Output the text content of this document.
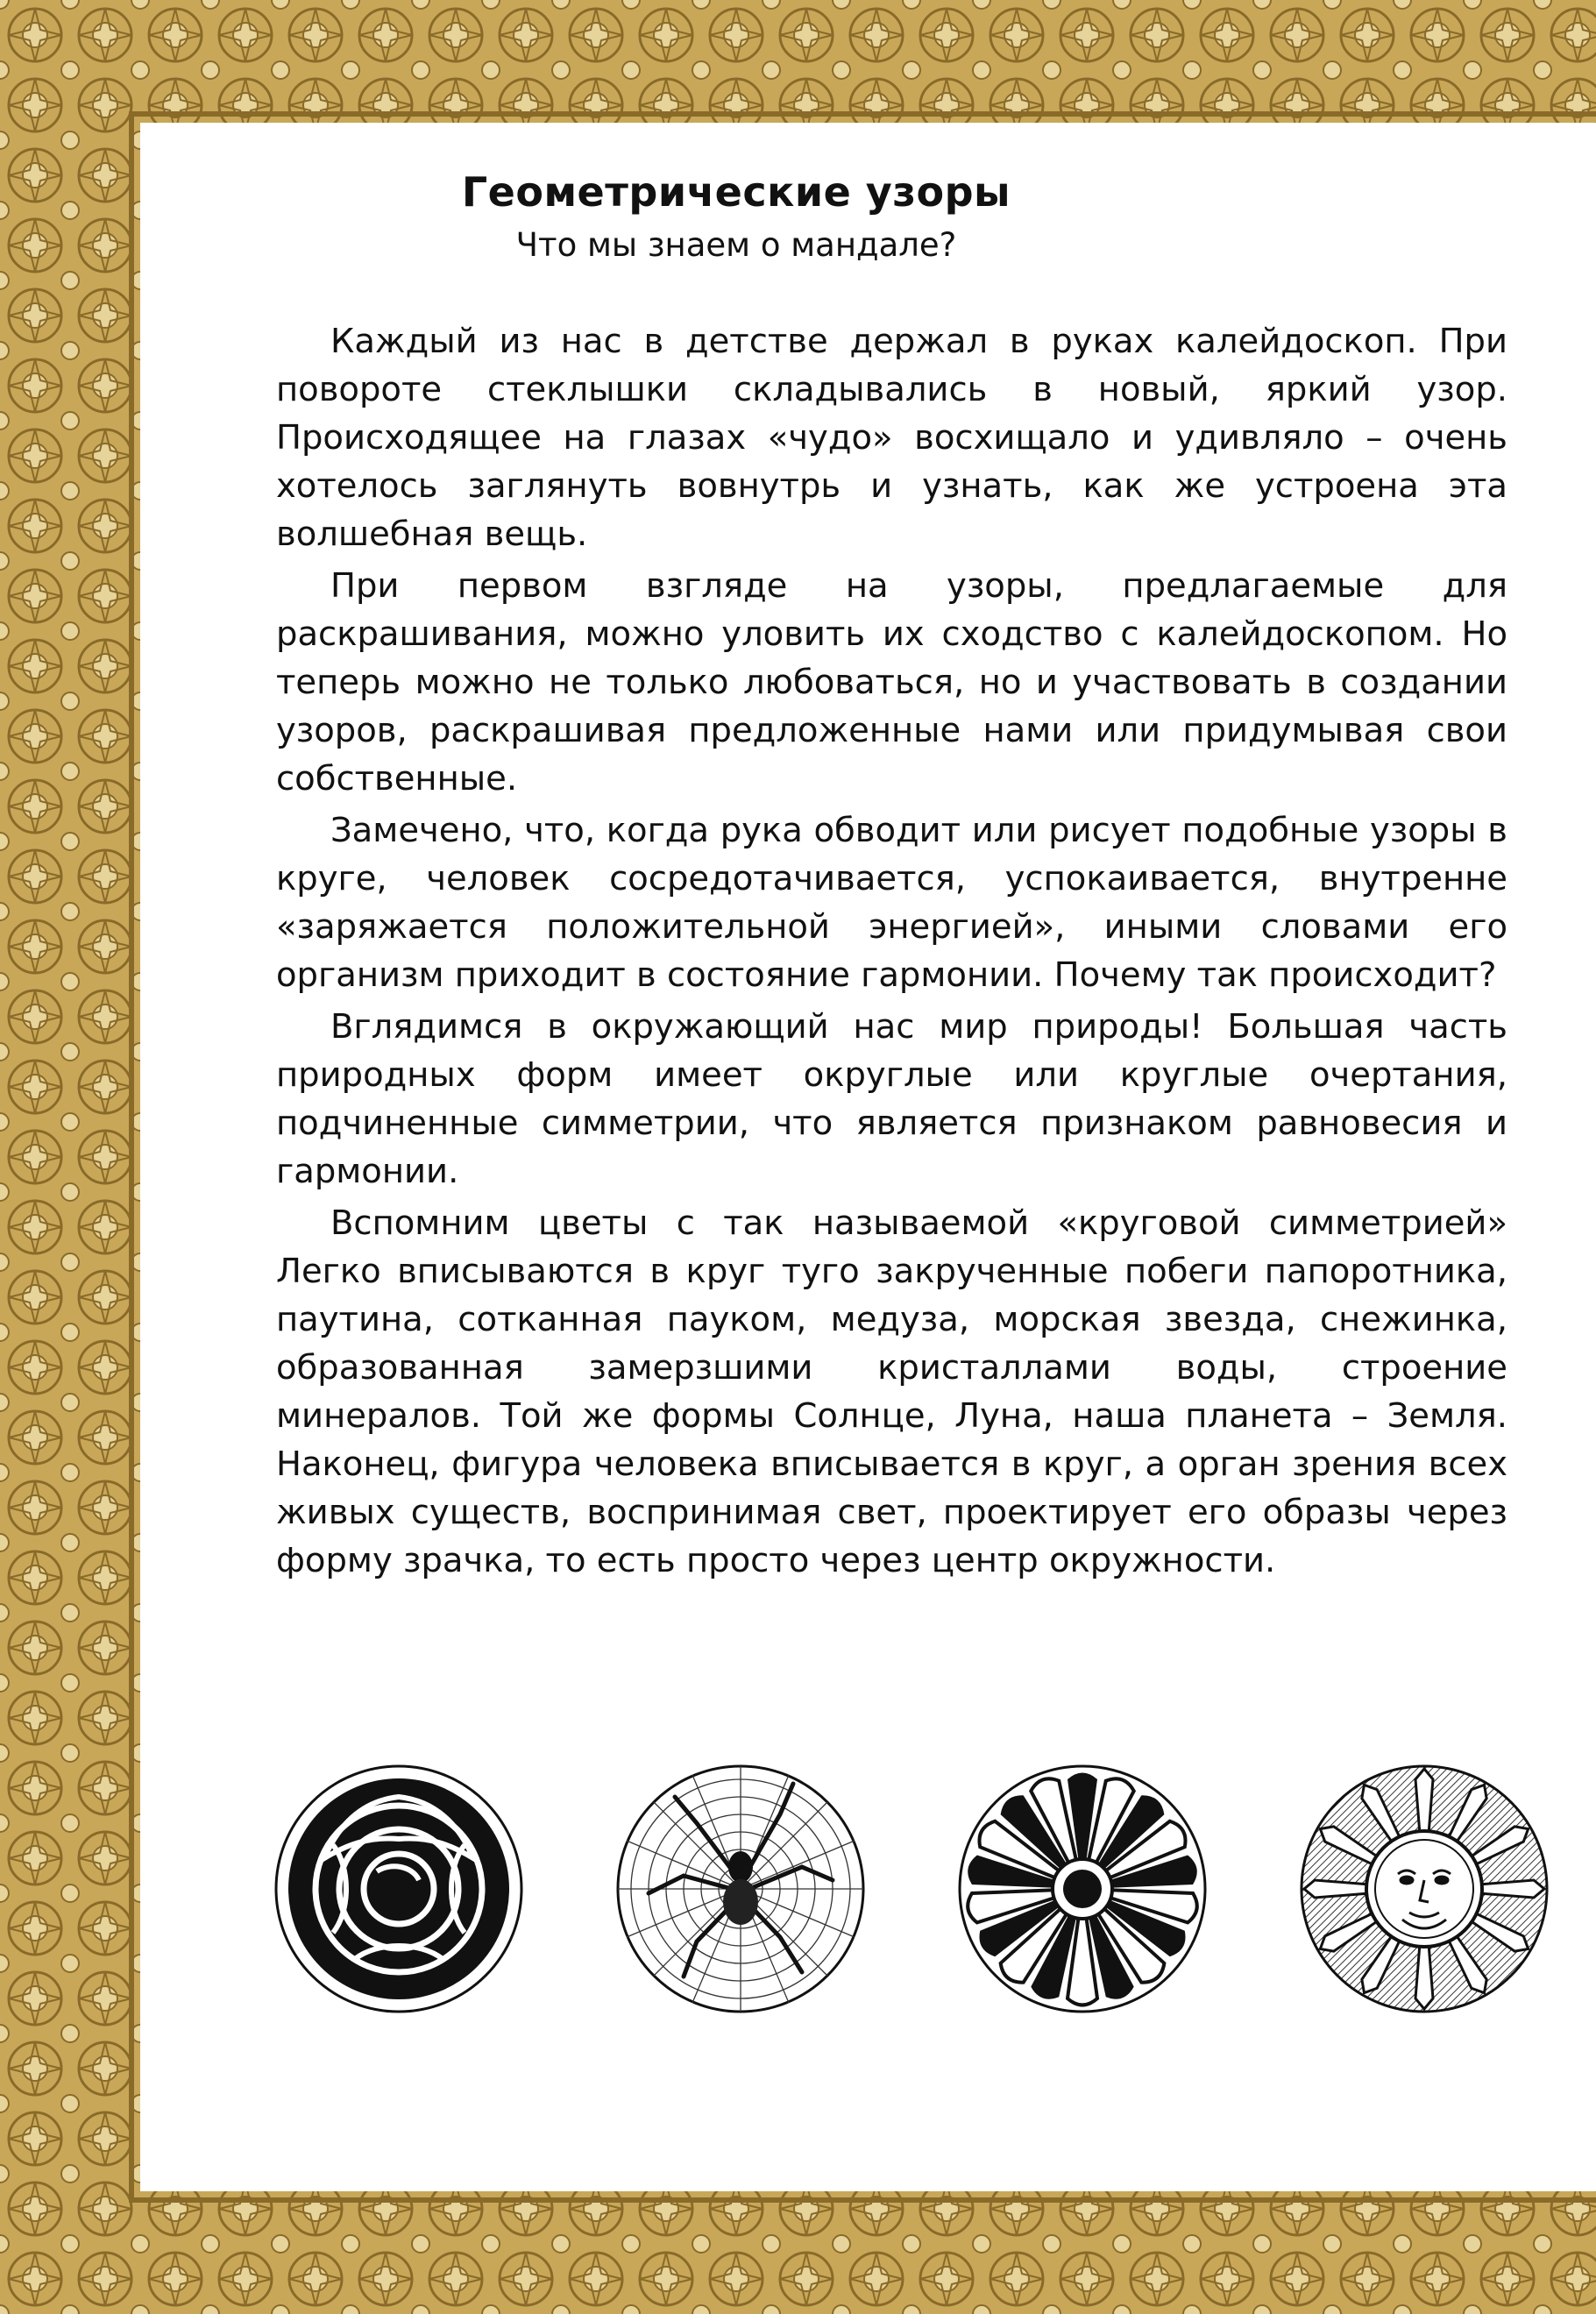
Геометрические узоры
Что мы знаем о мандале?

Каждый из нас в детстве держал в руках калейдоскоп. При повороте стеклышки складывались в новый, яркий узор. Происходящее на глазах «чудо» восхищало и удивляло – очень хотелось заглянуть вовнутрь и узнать, как же устроена эта волшебная вещь.

При первом взгляде на узоры, предлагаемые для раскрашивания, можно уловить их сходство с калейдоскопом. Но теперь можно не только любоваться, но и участвовать в создании узоров, раскрашивая предложенные нами или придумывая свои собственные.

Замечено, что, когда рука обводит или рисует подобные узоры в круге, человек сосредотачивается, успокаивается, внутренне «заряжается положительной энергией», иными словами его организм приходит в состояние гармонии. Почему так происходит?

Вглядимся в окружающий нас мир природы! Большая часть природных форм имеет округлые или круглые очертания, подчиненные симметрии, что является признаком равновесия и гармонии.

Вспомним цветы с так называемой «круговой симметрией» Легко вписываются в круг туго закрученные побеги папоротника, паутина, сотканная пауком, медуза, морская звезда, снежинка, образованная замерзшими кристаллами воды, строение минералов. Той же формы Солнце, Луна, наша планета – Земля. Наконец, фигура человека вписывается в круг, а орган зрения всех живых существ, воспринимая свет, проектирует его образы через форму зрачка, то есть просто через центр окружности.
